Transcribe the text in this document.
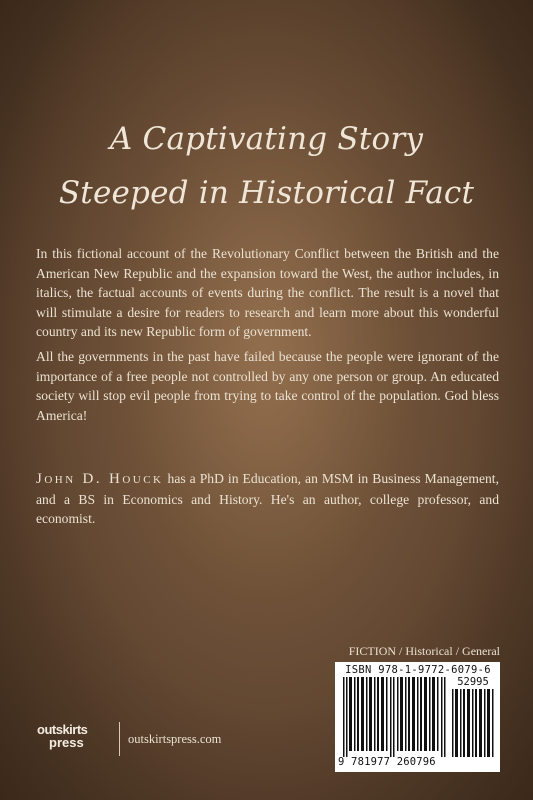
A Captivating Story
Steeped in Historical Fact

In this fictional account of the Revolutionary Conflict between the British and the American New Republic and the expansion toward the West, the author includes, in italics, the factual accounts of events during the conflict. The result is a novel that will stimulate a desire for readers to research and learn more about this wonderful country and its new Republic form of government.

All the governments in the past have failed because the people were ignorant of the importance of a free people not controlled by any one person or group. An educated society will stop evil people from trying to take control of the population. God bless America!

John D. Houck has a PhD in Education, an MSM in Business Management, and a BS in Economics and History. He's an author, college professor, and economist.

FICTION / Historical / General
ISBN 978-1-9772-6079-6
52995
9 781977 260796
outskirts
press	outskirtspress.com
